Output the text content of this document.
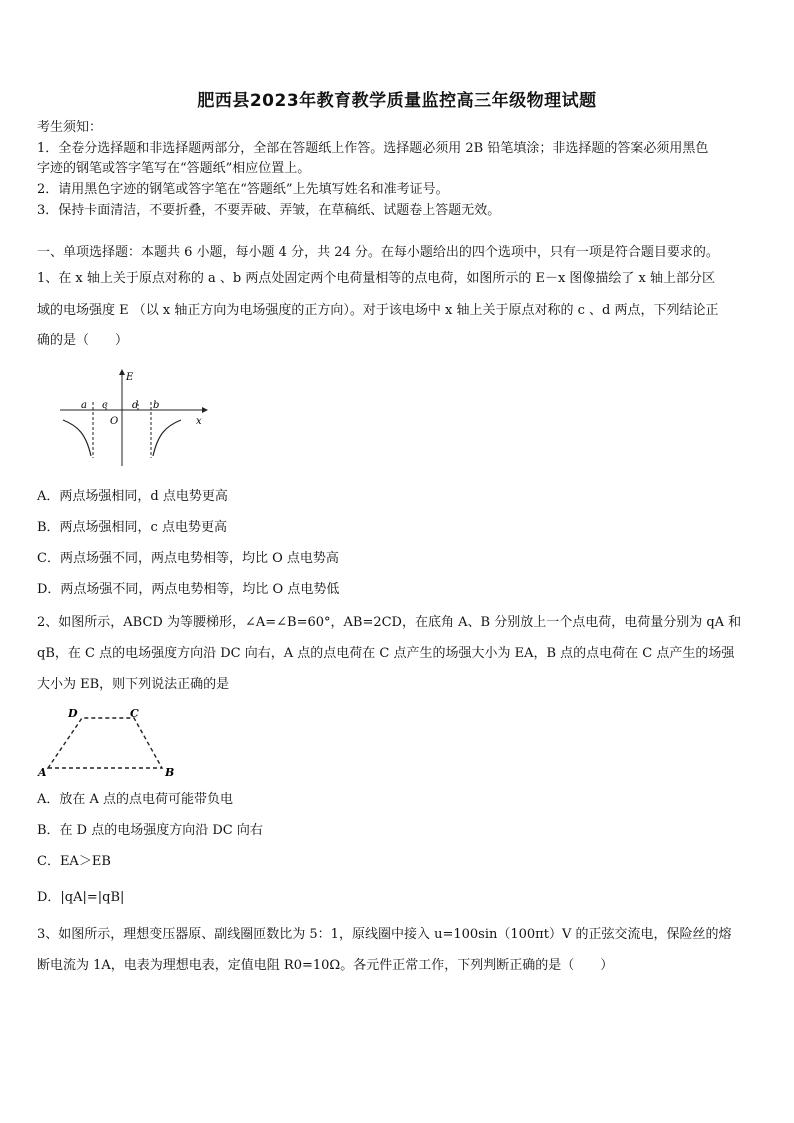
肥西县2023年教育教学质量监控高三年级物理试题
考生须知：
1．全卷分选择题和非选择题两部分，全部在答题纸上作答。选择题必须用 2B 铅笔填涂；非选择题的答案必须用黑色
字迹的钢笔或答字笔写在“答题纸”相应位置上。
2．请用黑色字迹的钢笔或答字笔在“答题纸”上先填写姓名和准考证号。
3．保持卡面清洁，不要折叠，不要弄破、弄皱，在草稿纸、试题卷上答题无效。
一、单项选择题：本题共 6 小题，每小题 4 分，共 24 分。在每小题给出的四个选项中，只有一项是符合题目要求的。
1、在 x 轴上关于原点对称的 a 、b 两点处固定两个电荷量相等的点电荷，如图所示的 E－x 图像描绘了 x 轴上部分区
域的电场强度 E （以 x 轴正方向为电场强度的正方向）。对于该电场中 x 轴上关于原点对称的 c 、d 两点，下列结论正
确的是（　　）
E
x
O
a c d b
A．两点场强相同，d 点电势更高
B．两点场强相同，c 点电势更高
C．两点场强不同，两点电势相等，均比 O 点电势高
D．两点场强不同，两点电势相等，均比 O 点电势低
2、如图所示，ABCD 为等腰梯形，∠A=∠B=60°，AB=2CD，在底角 A、B 分别放上一个点电荷，电荷量分别为 qA 和
qB，在 C 点的电场强度方向沿 DC 向右，A 点的点电荷在 C 点产生的场强大小为 EA，B 点的点电荷在 C 点产生的场强
大小为 EB，则下列说法正确的是
D	C
A	B
A．放在 A 点的点电荷可能带负电
B．在 D 点的电场强度方向沿 DC 向右
C．EA＞EB
D．|qA|=|qB|
3、如图所示，理想变压器原、副线圈匝数比为 5：1，原线圈中接入 u=100sin（100πt）V 的正弦交流电，保险丝的熔
断电流为 1A，电表为理想电表，定值电阻 R0=10Ω。各元件正常工作，下列判断正确的是（　　）
